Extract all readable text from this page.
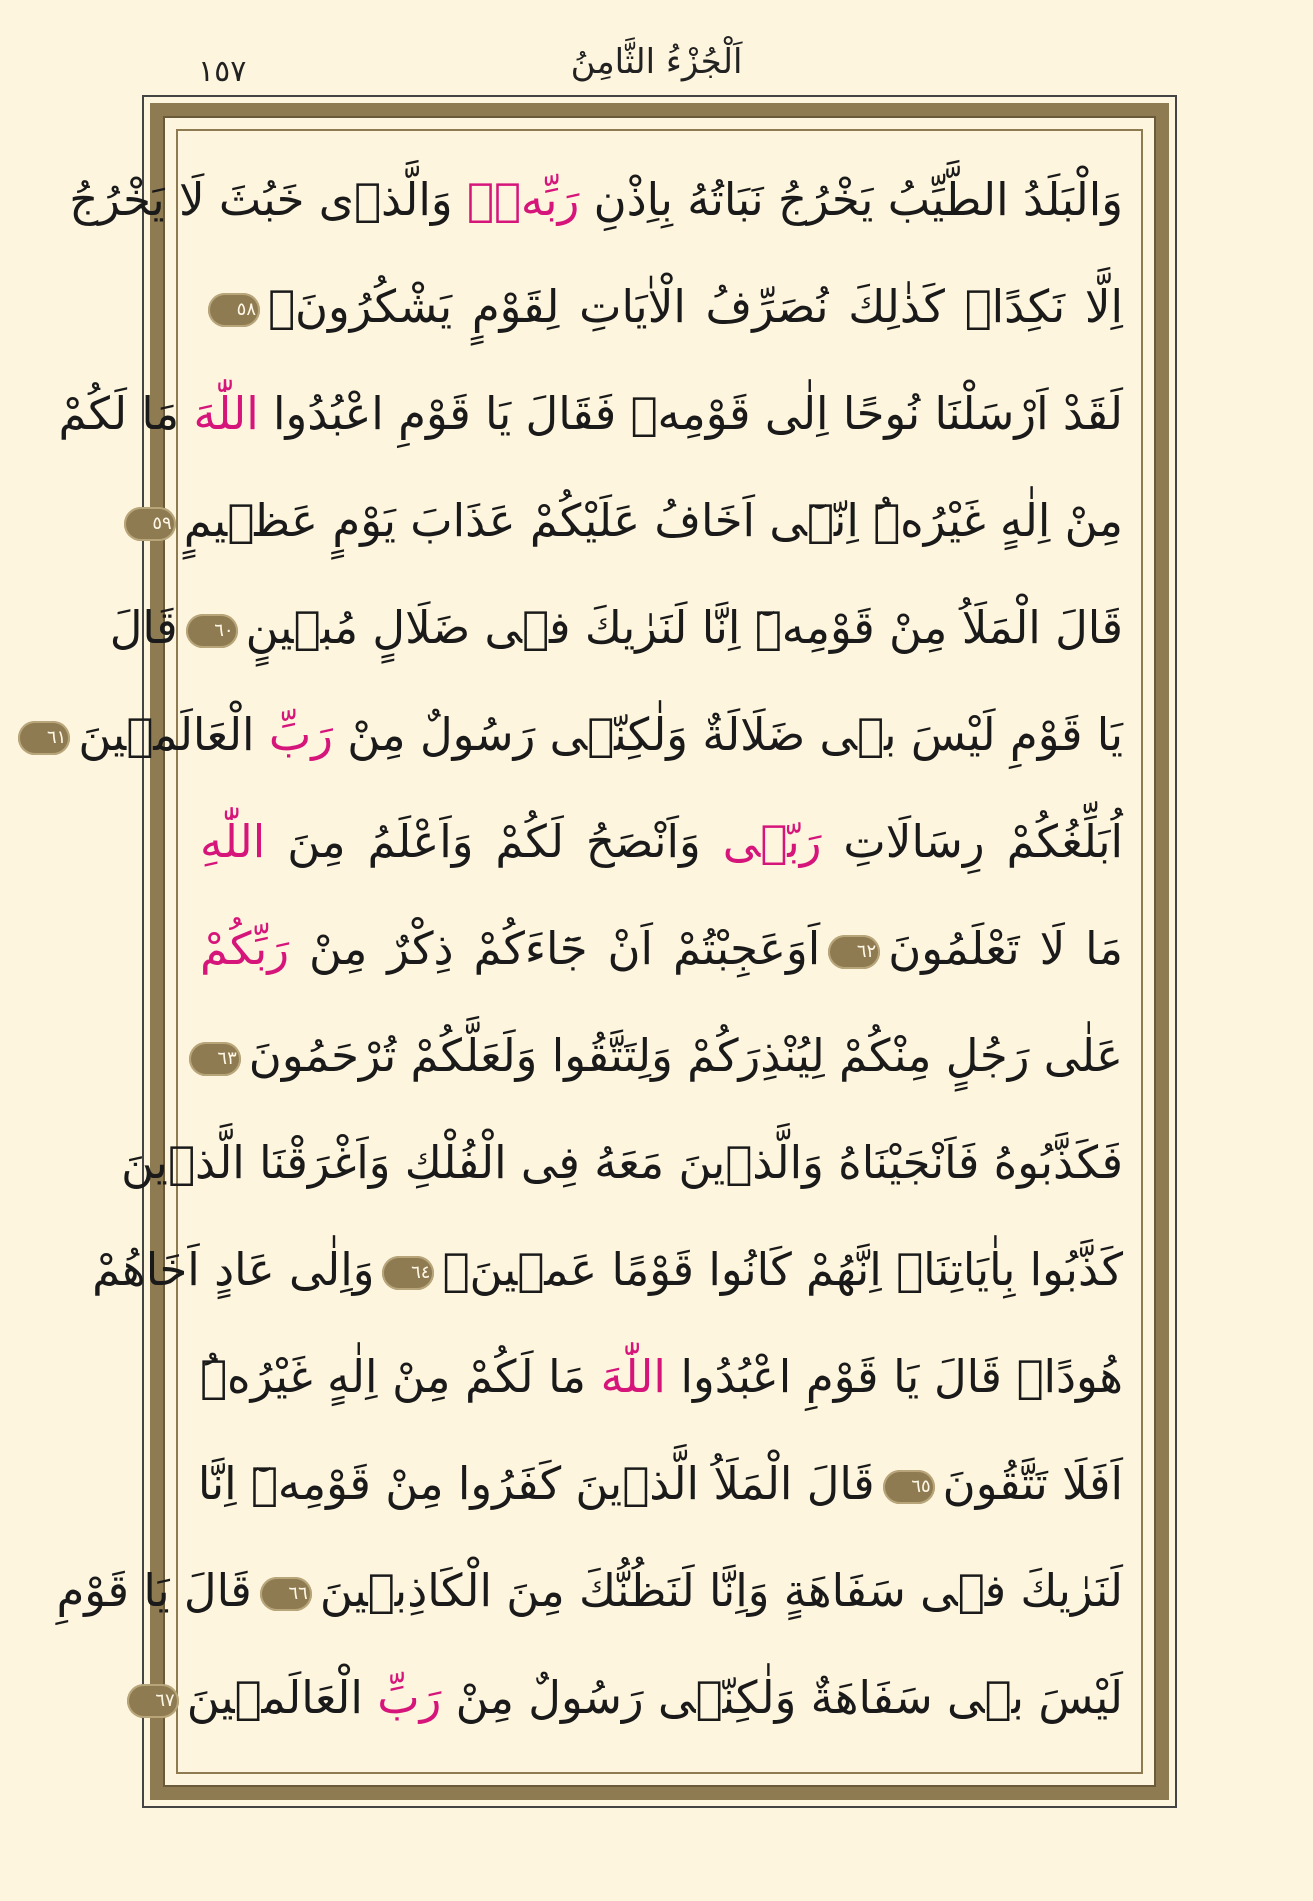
١٥٧	اَلْجُزْءُ الثَّامِنُ
وَالْبَلَدُ الطَّيِّبُ يَخْرُجُ نَبَاتُهُ بِاِذْنِ رَبِّهٖۚ وَالَّذٖى خَبُثَ لَا يَخْرُجُ
اِلَّا نَكِدًاۜ كَذٰلِكَ نُصَرِّفُ الْاٰيَاتِ لِقَوْمٍ يَشْكُرُونَ۟٥٨
لَقَدْ اَرْسَلْنَا نُوحًا اِلٰى قَوْمِهٖ فَقَالَ يَا قَوْمِ اعْبُدُوا اللّٰهَ مَا لَكُمْ
مِنْ اِلٰهٍ غَيْرُهُۜ اِنّٖٓى اَخَافُ عَلَيْكُمْ عَذَابَ يَوْمٍ عَظٖيمٍ٥٩
قَالَ الْمَلَاُ مِنْ قَوْمِهٖٓ اِنَّا لَنَرٰيكَ فٖى ضَلَالٍ مُبٖينٍ٦٠قَالَ
يَا قَوْمِ لَيْسَ بٖى ضَلَالَةٌ وَلٰكِنّٖى رَسُولٌ مِنْ رَبِّ الْعَالَمٖينَ٦١
اُبَلِّغُكُمْ رِسَالَاتِ رَبّٖى وَاَنْصَحُ لَكُمْ وَاَعْلَمُ مِنَ اللّٰهِ
مَا لَا تَعْلَمُونَ٦٢اَوَعَجِبْتُمْ اَنْ جَٓاءَكُمْ ذِكْرٌ مِنْ رَبِّكُمْ
عَلٰى رَجُلٍ مِنْكُمْ لِيُنْذِرَكُمْ وَلِتَتَّقُوا وَلَعَلَّكُمْ تُرْحَمُونَ٦٣
فَكَذَّبُوهُ فَاَنْجَيْنَاهُ وَالَّذٖينَ مَعَهُ فِى الْفُلْكِ وَاَغْرَقْنَا الَّذٖينَ
كَذَّبُوا بِاٰيَاتِنَاۜ اِنَّهُمْ كَانُوا قَوْمًا عَمٖينَ۟٦٤وَاِلٰى عَادٍ اَخَاهُمْ
هُودًاۜ قَالَ يَا قَوْمِ اعْبُدُوا اللّٰهَ مَا لَكُمْ مِنْ اِلٰهٍ غَيْرُهُۜ
اَفَلَا تَتَّقُونَ٦٥قَالَ الْمَلَاُ الَّذٖينَ كَفَرُوا مِنْ قَوْمِهٖٓ اِنَّا
لَنَرٰيكَ فٖى سَفَاهَةٍ وَاِنَّا لَنَظُنُّكَ مِنَ الْكَاذِبٖينَ٦٦قَالَ يَا قَوْمِ
لَيْسَ بٖى سَفَاهَةٌ وَلٰكِنّٖى رَسُولٌ مِنْ رَبِّ الْعَالَمٖينَ٦٧
